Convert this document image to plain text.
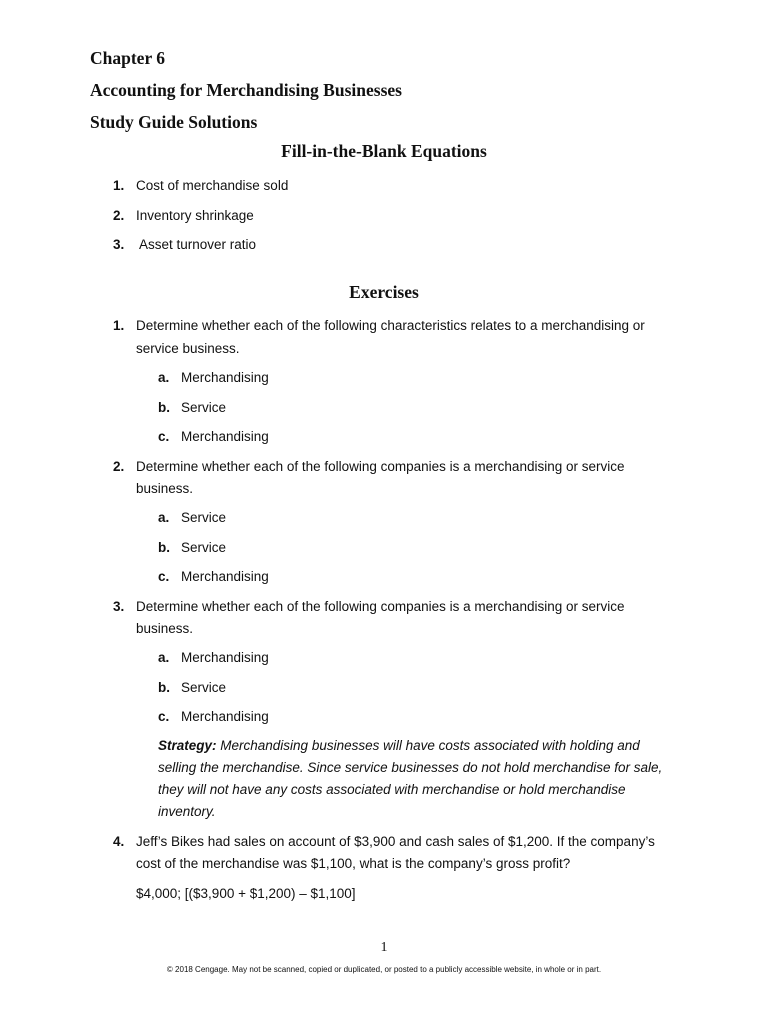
Chapter 6
Accounting for Merchandising Businesses
Study Guide Solutions
Fill-in-the-Blank Equations
1. Cost of merchandise sold
2. Inventory shrinkage
3. Asset turnover ratio
Exercises
1. Determine whether each of the following characteristics relates to a merchandising or
service business.
a. Merchandising
b. Service
c. Merchandising
2. Determine whether each of the following companies is a merchandising or service
business.
a. Service
b. Service
c. Merchandising
3. Determine whether each of the following companies is a merchandising or service
business.
a. Merchandising
b. Service
c. Merchandising
Strategy: Merchandising businesses will have costs associated with holding and selling the merchandise. Since service businesses do not hold merchandise for sale, they will not have any costs associated with merchandise or hold merchandise inventory.
4. Jeff’s Bikes had sales on account of $3,900 and cash sales of $1,200. If the company’s
cost of the merchandise was $1,100, what is the company’s gross profit?
$4,000; [($3,900 + $1,200) – $1,100]
1
© 2018 Cengage. May not be scanned, copied or duplicated, or posted to a publicly accessible website, in whole or in part.
